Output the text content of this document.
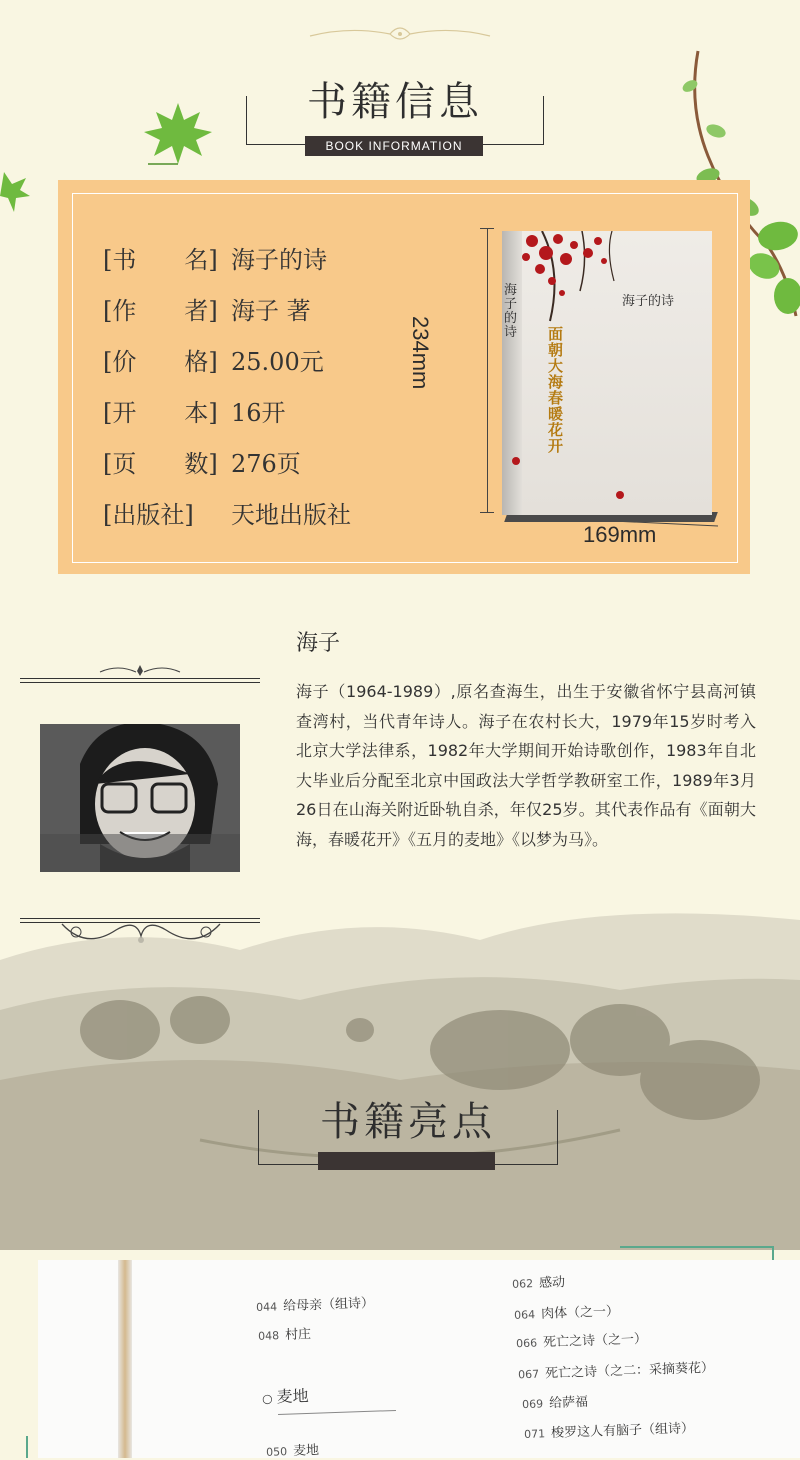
书籍信息
BOOK INFORMATION
[书　　名] 海子的诗
[作　　者] 海子 著
[价　　格] 25.00元
[开　　本] 16开
[页　　数] 276页
[出版社] 天地出版社
234mm
169mm
海子的诗
海子的诗
面朝大海 春暖花开
海子
海子（1964-1989）,原名查海生，出生于安徽省怀宁县高河镇查湾村，当代青年诗人。海子在农村长大，1979年15岁时考入北京大学法律系，1982年大学期间开始诗歌创作，1983年自北大毕业后分配至北京中国政法大学哲学教研室工作，1989年3月26日在山海关附近卧轨自杀，年仅25岁。其代表作品有《面朝大海，春暖花开》《五月的麦地》《以梦为马》。
书籍亮点
044 给母亲（组诗）
048 村庄
○ 麦地
050 麦地
062 感动
064 肉体（之一）
066 死亡之诗（之一）
067 死亡之诗（之二：采摘葵花）
069 给萨福
071 梭罗这人有脑子（组诗）
